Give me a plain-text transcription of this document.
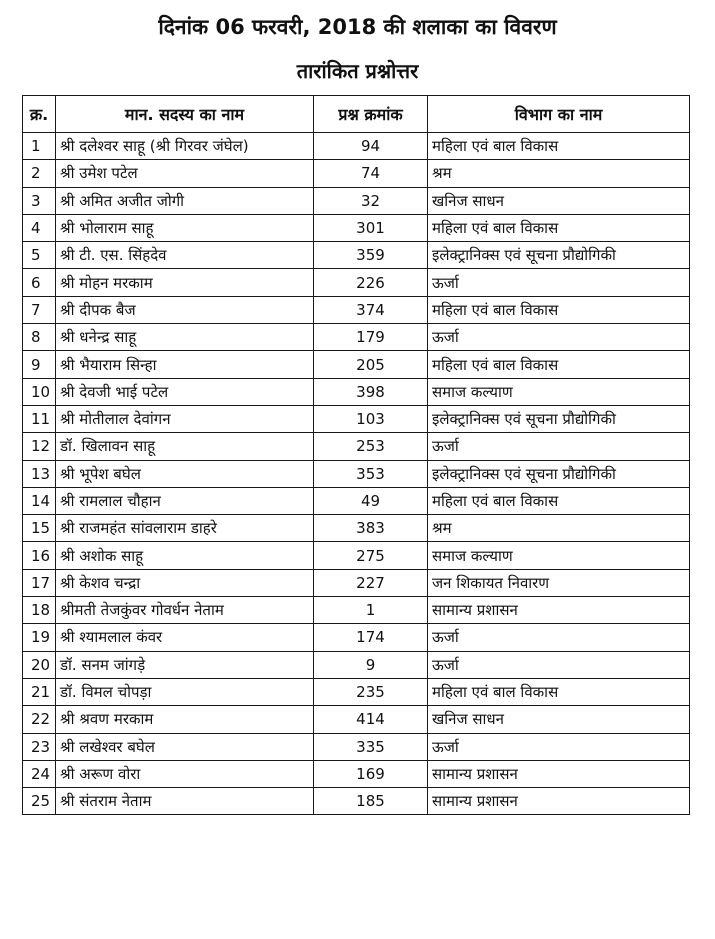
दिनांक 06 फरवरी, 2018 की शलाका का विवरण
तारांकित प्रश्नोत्तर
क्र.	मान. सदस्य का नाम	प्रश्न क्रमांक	विभाग का नाम
1	श्री दलेश्वर साहू (श्री गिरवर जंघेल)	94	महिला एवं बाल विकास
2	श्री उमेश पटेल	74	श्रम
3	श्री अमित अजीत जोगी	32	खनिज साधन
4	श्री भोलाराम साहू	301	महिला एवं बाल विकास
5	श्री टी. एस. सिंहदेव	359	इलेक्ट्रानिक्स एवं सूचना प्रौद्योगिकी
6	श्री मोहन मरकाम	226	ऊर्जा
7	श्री दीपक बैज	374	महिला एवं बाल विकास
8	श्री धनेन्द्र साहू	179	ऊर्जा
9	श्री भैयाराम सिन्हा	205	महिला एवं बाल विकास
10	श्री देवजी भाई पटेल	398	समाज कल्याण
11	श्री मोतीलाल देवांगन	103	इलेक्ट्रानिक्स एवं सूचना प्रौद्योगिकी
12	डॉ. खिलावन साहू	253	ऊर्जा
13	श्री भूपेश बघेल	353	इलेक्ट्रानिक्स एवं सूचना प्रौद्योगिकी
14	श्री रामलाल चौहान	49	महिला एवं बाल विकास
15	श्री राजमहंत सांवलाराम डाहरे	383	श्रम
16	श्री अशोक साहू	275	समाज कल्याण
17	श्री केशव चन्द्रा	227	जन शिकायत निवारण
18	श्रीमती तेजकुंवर गोवर्धन नेताम	1	सामान्य प्रशासन
19	श्री श्यामलाल कंवर	174	ऊर्जा
20	डॉ. सनम जांगड़े	9	ऊर्जा
21	डॉ. विमल चोपड़ा	235	महिला एवं बाल विकास
22	श्री श्रवण मरकाम	414	खनिज साधन
23	श्री लखेश्वर बघेल	335	ऊर्जा
24	श्री अरूण वोरा	169	सामान्य प्रशासन
25	श्री संतराम नेताम	185	सामान्य प्रशासन
